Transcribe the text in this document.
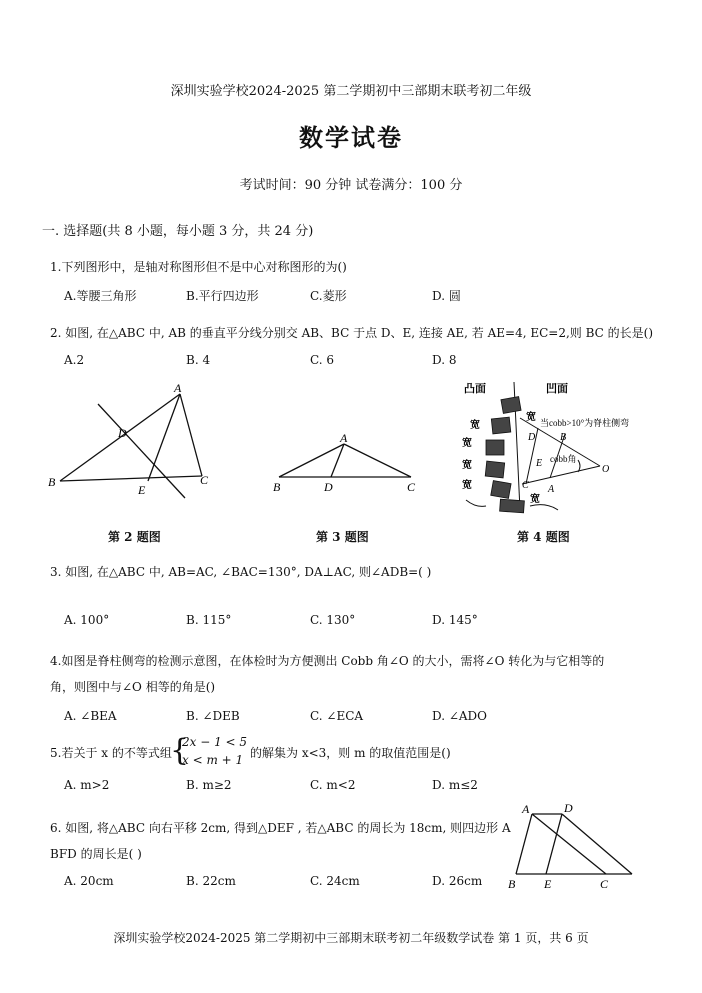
深圳实验学校2024-2025 第二学期初中三部期末联考初二年级
数学试卷
考试时间：90 分钟 试卷满分：100 分
一. 选择题(共 8 小题，每小题 3 分，共 24 分)
1.下列图形中，是轴对称图形但不是中心对称图形的为()
A.等腰三角形	B.平行四边形	C.菱形	D. 圆
2. 如图, 在△ABC 中, AB 的垂直平分线分别交 AB、BC 于点 D、E, 连接 AE, 若 AE=4, EC=2,则 BC 的长是()
A.2	B. 4	C. 6	D. 8
A
B	C
D
E
第 2 题图
A
B	C
D
第 3 题图
凸面	凹面
宽
宽
宽
宽
宽
宽
当cobb>10°为脊柱侧弯
cobb角
D B
E
C A
O
第 4 题图
3. 如图, 在△ABC 中, AB=AC, ∠BAC=130°, DA⊥AC, 则∠ADB=( )
A. 100°	B. 115°	C. 130°	D. 145°
4.如图是脊柱侧弯的检测示意图，在体检时为方便测出 Cobb 角∠O 的大小，需将∠O 转化为与它相等的
角，则图中与∠O 相等的角是()
A. ∠BEA	B. ∠DEB	C. ∠ECA	D. ∠ADO
5.若关于 x 的不等式组
{
2x − 1 < 5
x < m + 1 的解集为 x<3，则 m 的取值范围是()
A. m>2	B. m≥2	C. m<2	D. m≤2
6. 如图, 将△ABC 向右平移 2cm, 得到△DEF , 若△ABC 的周长为 18cm, 则四边形 A
BFD 的周长是( )
A. 20cm	B. 22cm	C. 24cm	D. 26cm
A	D
B E	C
深圳实验学校2024-2025 第二学期初中三部期末联考初二年级数学试卷 第 1 页，共 6 页
